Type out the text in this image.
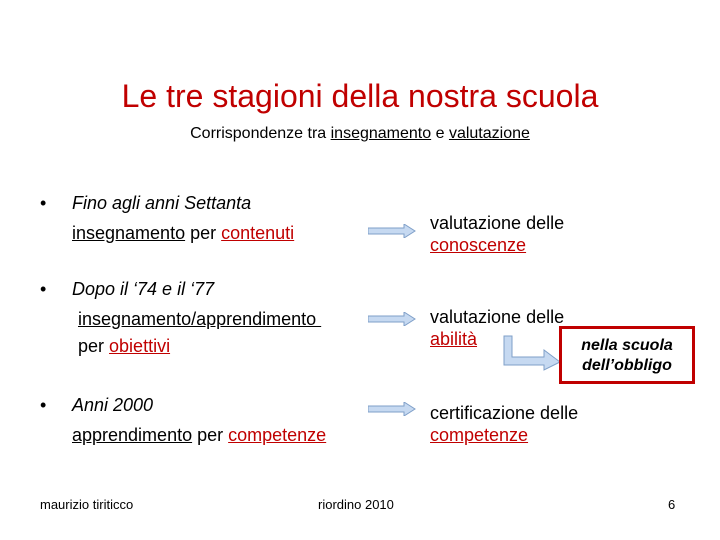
Le tre stagioni della nostra scuola
Corrispondenze tra insegnamento e valutazione
• Fino agli anni Settanta
insegnamento per contenuti	valutazione delle
conoscenze
• Dopo il ‘74 e il ‘77
insegnamento/apprendimento
per obiettivi
valutazione delle
abilità	nella scuola
dell’obbligo
• Anni 2000
apprendimento per competenze
certificazione delle
competenze
maurizio tiriticco	riordino 2010	6
